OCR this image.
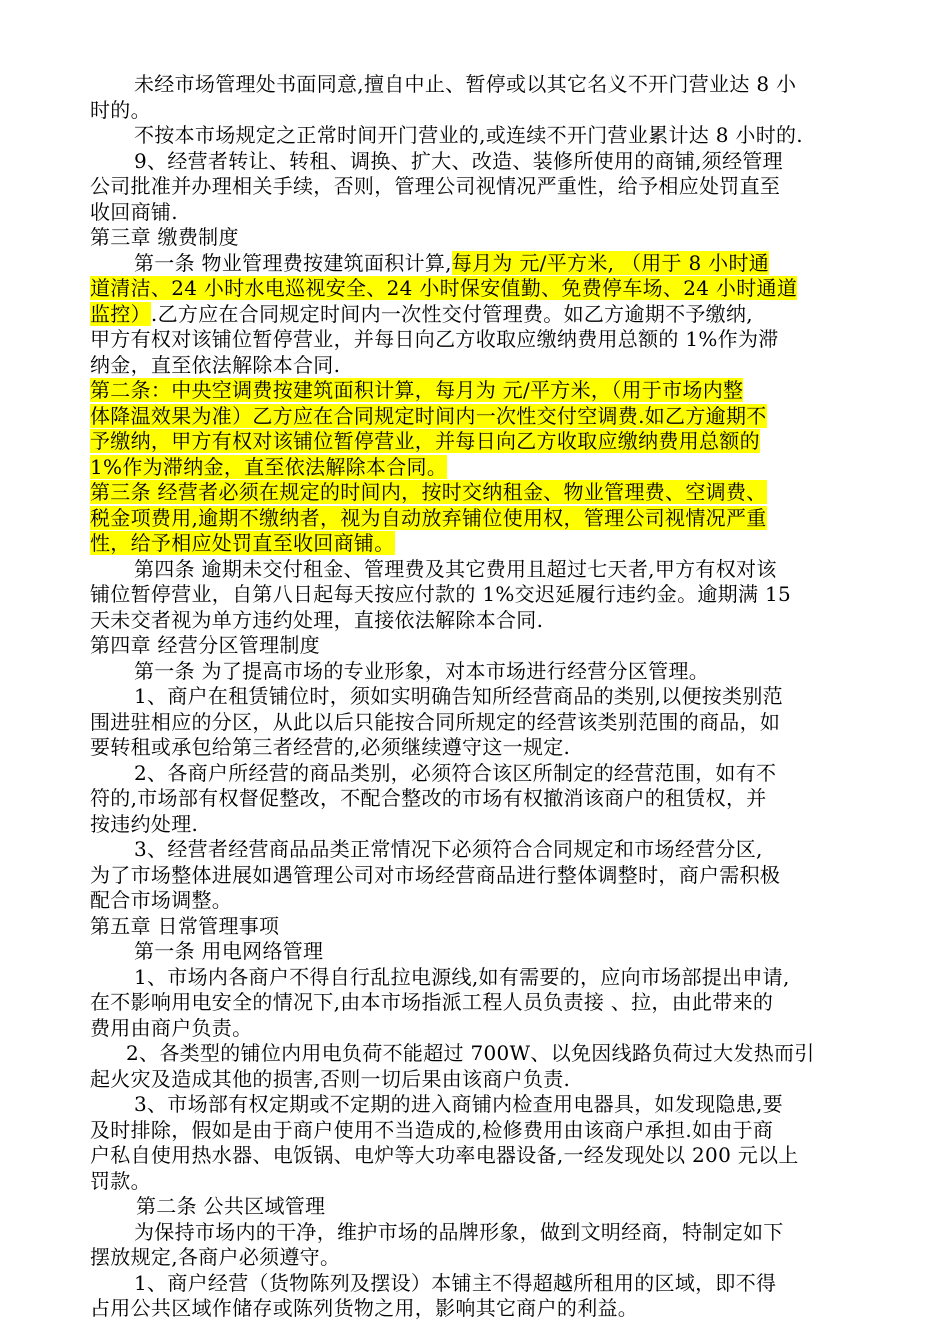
未经市场管理处书面同意,擅自中止、暂停或以其它名义不开门营业达 8 小
时的。
不按本市场规定之正常时间开门营业的,或连续不开门营业累计达 8 小时的.
9、经营者转让、转租、调换、扩大、改造、装修所使用的商铺,须经管理
公司批准并办理相关手续，否则，管理公司视情况严重性，给予相应处罚直至
收回商铺.
第三章 缴费制度
第一条 物业管理费按建筑面积计算,每月为 元/平方米, （用于 8 小时通
道清洁、24 小时水电巡视安全、24 小时保安值勤、免费停车场、24 小时通道
监控）.乙方应在合同规定时间内一次性交付管理费。如乙方逾期不予缴纳,
甲方有权对该铺位暂停营业，并每日向乙方收取应缴纳费用总额的 1%作为滞
纳金，直至依法解除本合同.
第二条：中央空调费按建筑面积计算，每月为 元/平方米，（用于市场内整
体降温效果为准）乙方应在合同规定时间内一次性交付空调费.如乙方逾期不
予缴纳，甲方有权对该铺位暂停营业，并每日向乙方收取应缴纳费用总额的
1%作为滞纳金，直至依法解除本合同。
第三条 经营者必须在规定的时间内，按时交纳租金、物业管理费、空调费、
税金项费用,逾期不缴纳者，视为自动放弃铺位使用权，管理公司视情况严重
性，给予相应处罚直至收回商铺。
第四条 逾期未交付租金、管理费及其它费用且超过七天者,甲方有权对该
铺位暂停营业，自第八日起每天按应付款的 1%交迟延履行违约金。逾期满 15
天未交者视为单方违约处理，直接依法解除本合同.
第四章 经营分区管理制度
第一条 为了提高市场的专业形象，对本市场进行经营分区管理。
1、商户在租赁铺位时，须如实明确告知所经营商品的类别,以便按类别范
围进驻相应的分区，从此以后只能按合同所规定的经营该类别范围的商品，如
要转租或承包给第三者经营的,必须继续遵守这一规定.
2、各商户所经营的商品类别，必须符合该区所制定的经营范围，如有不
符的,市场部有权督促整改，不配合整改的市场有权撤消该商户的租赁权，并
按违约处理.
3、经营者经营商品品类正常情况下必须符合合同规定和市场经营分区,
为了市场整体进展如遇管理公司对市场经营商品进行整体调整时，商户需积极
配合市场调整。
第五章 日常管理事项
第一条 用电网络管理
1、市场内各商户不得自行乱拉电源线,如有需要的，应向市场部提出申请,
在不影响用电安全的情况下,由本市场指派工程人员负责接 、拉，由此带来的
费用由商户负责。
2、各类型的铺位内用电负荷不能超过 700W、以免因线路负荷过大发热而引
起火灾及造成其他的损害,否则一切后果由该商户负责.
3、市场部有权定期或不定期的进入商铺内检查用电器具，如发现隐患,要
及时排除，假如是由于商户使用不当造成的,检修费用由该商户承担.如由于商
户私自使用热水器、电饭锅、电炉等大功率电器设备,一经发现处以 200 元以上
罚款。
第二条 公共区域管理
为保持市场内的干净，维护市场的品牌形象，做到文明经商，特制定如下
摆放规定,各商户必须遵守。
1、商户经营（货物陈列及摆设）本铺主不得超越所租用的区域，即不得
占用公共区域作储存或陈列货物之用，影响其它商户的利益。
